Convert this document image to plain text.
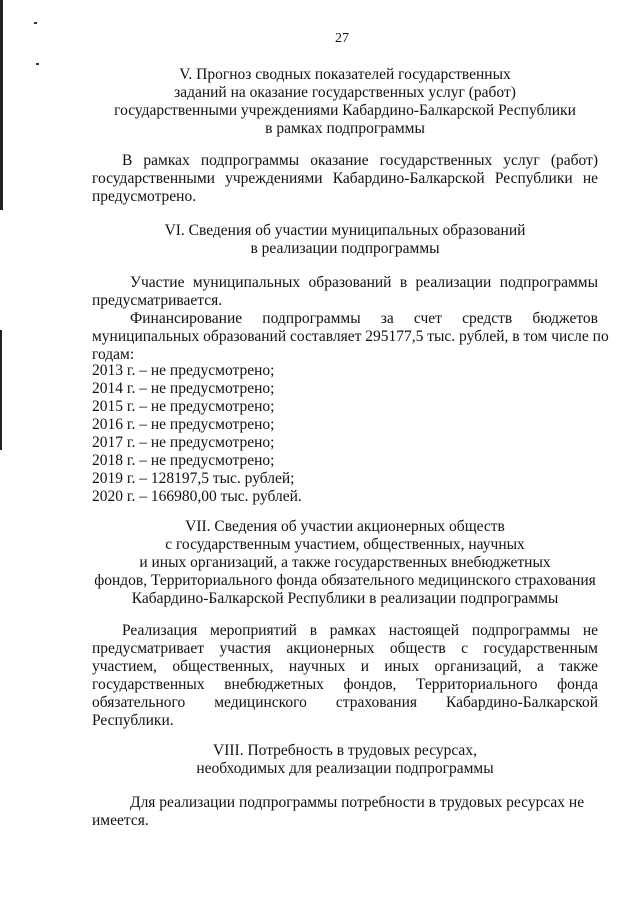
27
V. Прогноз сводных показателей государственных
заданий на оказание государственных услуг (работ)
государственными учреждениями Кабардино-Балкарской Республики
в рамках подпрограммы
В рамках подпрограммы оказание государственных услуг (работ)
государственными учреждениями Кабардино-Балкарской Республики не
предусмотрено.
VI. Сведения об участии муниципальных образований
в реализации подпрограммы
Участие муниципальных образований в реализации подпрограммы
предусматривается.
Финансирование подпрограммы за счет средств бюджетов
муниципальных образований составляет 295177,5 тыс. рублей, в том числе по
годам:
2013 г. – не предусмотрено;
2014 г. – не предусмотрено;
2015 г. – не предусмотрено;
2016 г. – не предусмотрено;
2017 г. – не предусмотрено;
2018 г. – не предусмотрено;
2019 г. – 128197,5 тыс. рублей;
2020 г. – 166980,00 тыс. рублей.
VII. Сведения об участии акционерных обществ
с государственным участием, общественных, научных
и иных организаций, а также государственных внебюджетных
фондов, Территориального фонда обязательного медицинского страхования
Кабардино-Балкарской Республики в реализации подпрограммы
Реализация мероприятий в рамках настоящей подпрограммы не
предусматривает участия акционерных обществ с государственным
участием, общественных, научных и иных организаций, а также
государственных внебюджетных фондов, Территориального фонда
обязательного медицинского страхования Кабардино-Балкарской
Республики.
VIII. Потребность в трудовых ресурсах,
необходимых для реализации подпрограммы
Для реализации подпрограммы потребности в трудовых ресурсах не
имеется.
